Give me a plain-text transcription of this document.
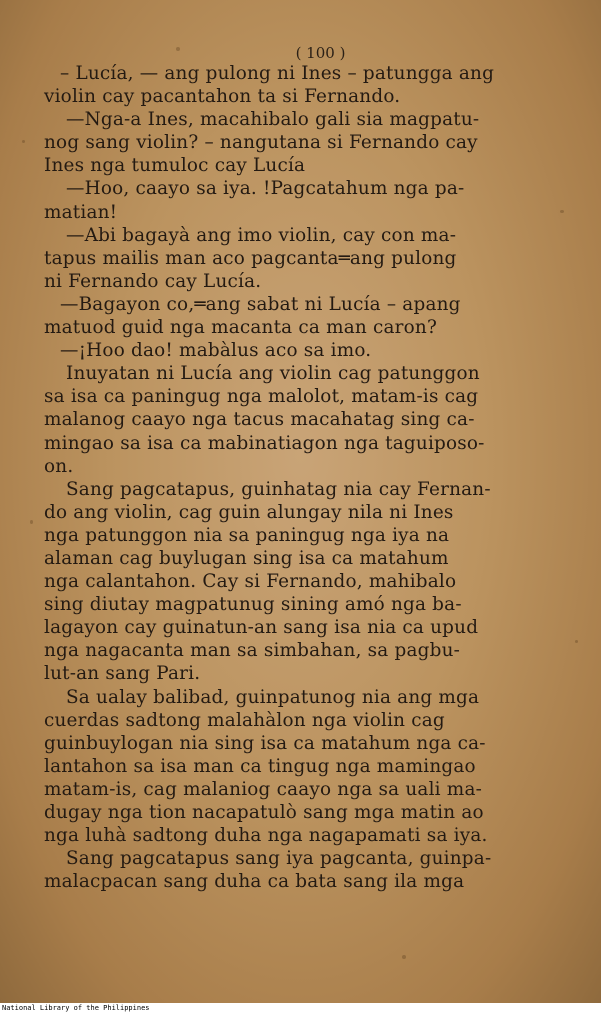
( 100 )
– Lucía, — ang pulong ni Ines – patungga ang
violin cay pacantahon ta si Fernando.
—Nga-a Ines, macahibalo gali sia magpatu-
nog sang violin? – nangutana si Fernando cay
Ines nga tumuloc cay Lucía
—Hoo, caayo sa iya. !Pagcatahum nga pa-
matian!
—Abi bagayà ang imo violin, cay con ma-
tapus mailis man aco pagcanta═ang pulong
ni Fernando cay Lucía.
—Bagayon co,═ang sabat ni Lucía – apang
matuod guid nga macanta ca man caron?
—¡Hoo dao! mabàlus aco sa imo.
Inuyatan ni Lucía ang violin cag patunggon
sa isa ca paningug nga malolot, matam-is cag
malanog caayo nga tacus macahatag sing ca-
mingao sa isa ca mabinatiagon nga taguiposo-
on.
Sang pagcatapus, guinhatag nia cay Fernan-
do ang violin, cag guin alungay nila ni Ines
nga patunggon nia sa paningug nga iya na
alaman cag buylugan sing isa ca matahum
nga calantahon. Cay si Fernando, mahibalo
sing diutay magpatunug sining amó nga ba-
lagayon cay guinatun-an sang isa nia ca upud
nga nagacanta man sa simbahan, sa pagbu-
lut-an sang Pari.
Sa ualay balibad, guinpatunog nia ang mga
cuerdas sadtong malahàlon nga violin cag
guinbuylogan nia sing isa ca matahum nga ca-
lantahon sa isa man ca tingug nga mamingao
matam-is, cag malaniog caayo nga sa uali ma-
dugay nga tion nacapatulò sang mga matin ao
nga luhà sadtong duha nga nagapamati sa iya.
Sang pagcatapus sang iya pagcanta, guinpa-
malacpacan sang duha ca bata sang ila mga
National Library of the Philippines
